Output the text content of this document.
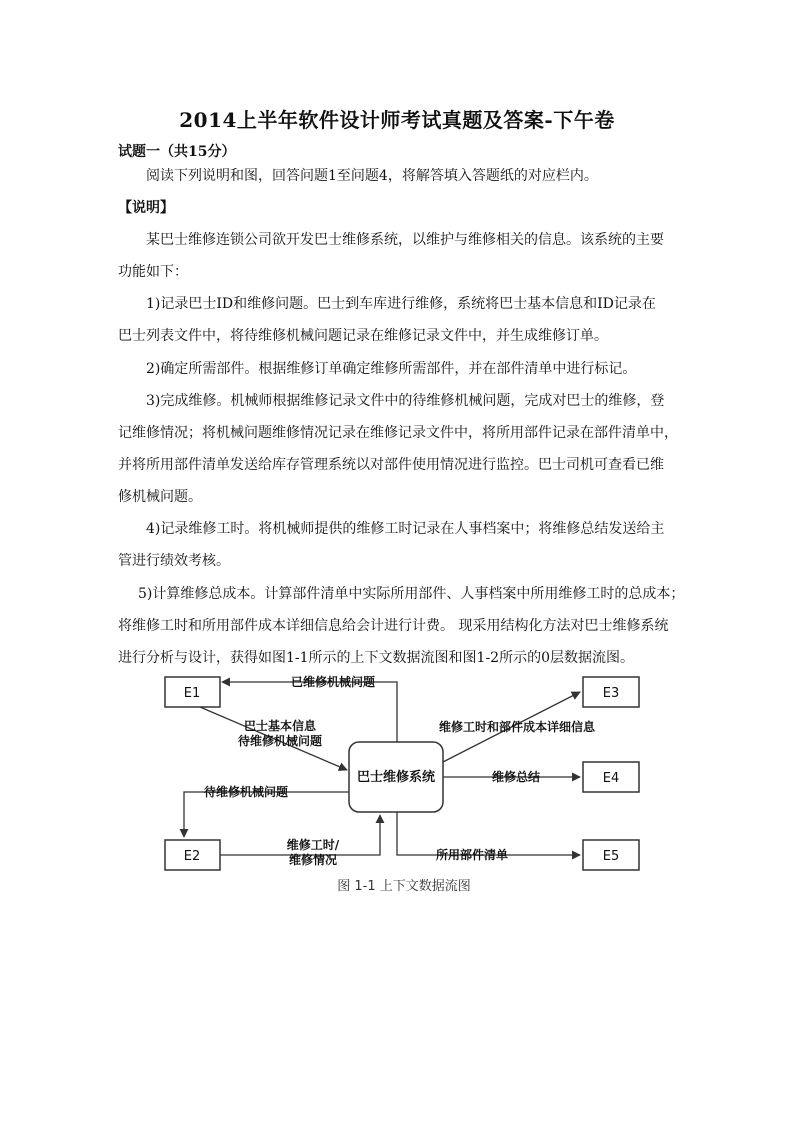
2014上半年软件设计师考试真题及答案-下午卷
试题一（共15分）
阅读下列说明和图，回答问题1至问题4，将解答填入答题纸的对应栏内。
【说明】
某巴士维修连锁公司欲开发巴士维修系统，以维护与维修相关的信息。该系统的主要
功能如下：
1)记录巴士ID和维修问题。巴士到车库进行维修，系统将巴士基本信息和ID记录在
巴士列表文件中，将待维修机械问题记录在维修记录文件中，并生成维修订单。
2)确定所需部件。根据维修订单确定维修所需部件，并在部件清单中进行标记。
3)完成维修。机械师根据维修记录文件中的待维修机械问题，完成对巴士的维修，登
记维修情况；将机械问题维修情况记录在维修记录文件中，将所用部件记录在部件清单中，
并将所用部件清单发送给库存管理系统以对部件使用情况进行监控。巴士司机可查看已维
修机械问题。
4)记录维修工时。将机械师提供的维修工时记录在人事档案中；将维修总结发送给主
管进行绩效考核。
5)计算维修总成本。计算部件清单中实际所用部件、人事档案中所用维修工时的总成本；
将维修工时和所用部件成本详细信息给会计进行计费。 现采用结构化方法对巴士维修系统
进行分析与设计，获得如图1-1所示的上下文数据流图和图1-2所示的0层数据流图。
E1
E2
E3
E4
E5
巴士维修系统
已维修机械问题
巴士基本信息
待维修机械问题
待维修机械问题
维修工时/
维修情况
维修工时和部件成本详细信息
维修总结
所用部件清单
图 1-1 上下文数据流图
